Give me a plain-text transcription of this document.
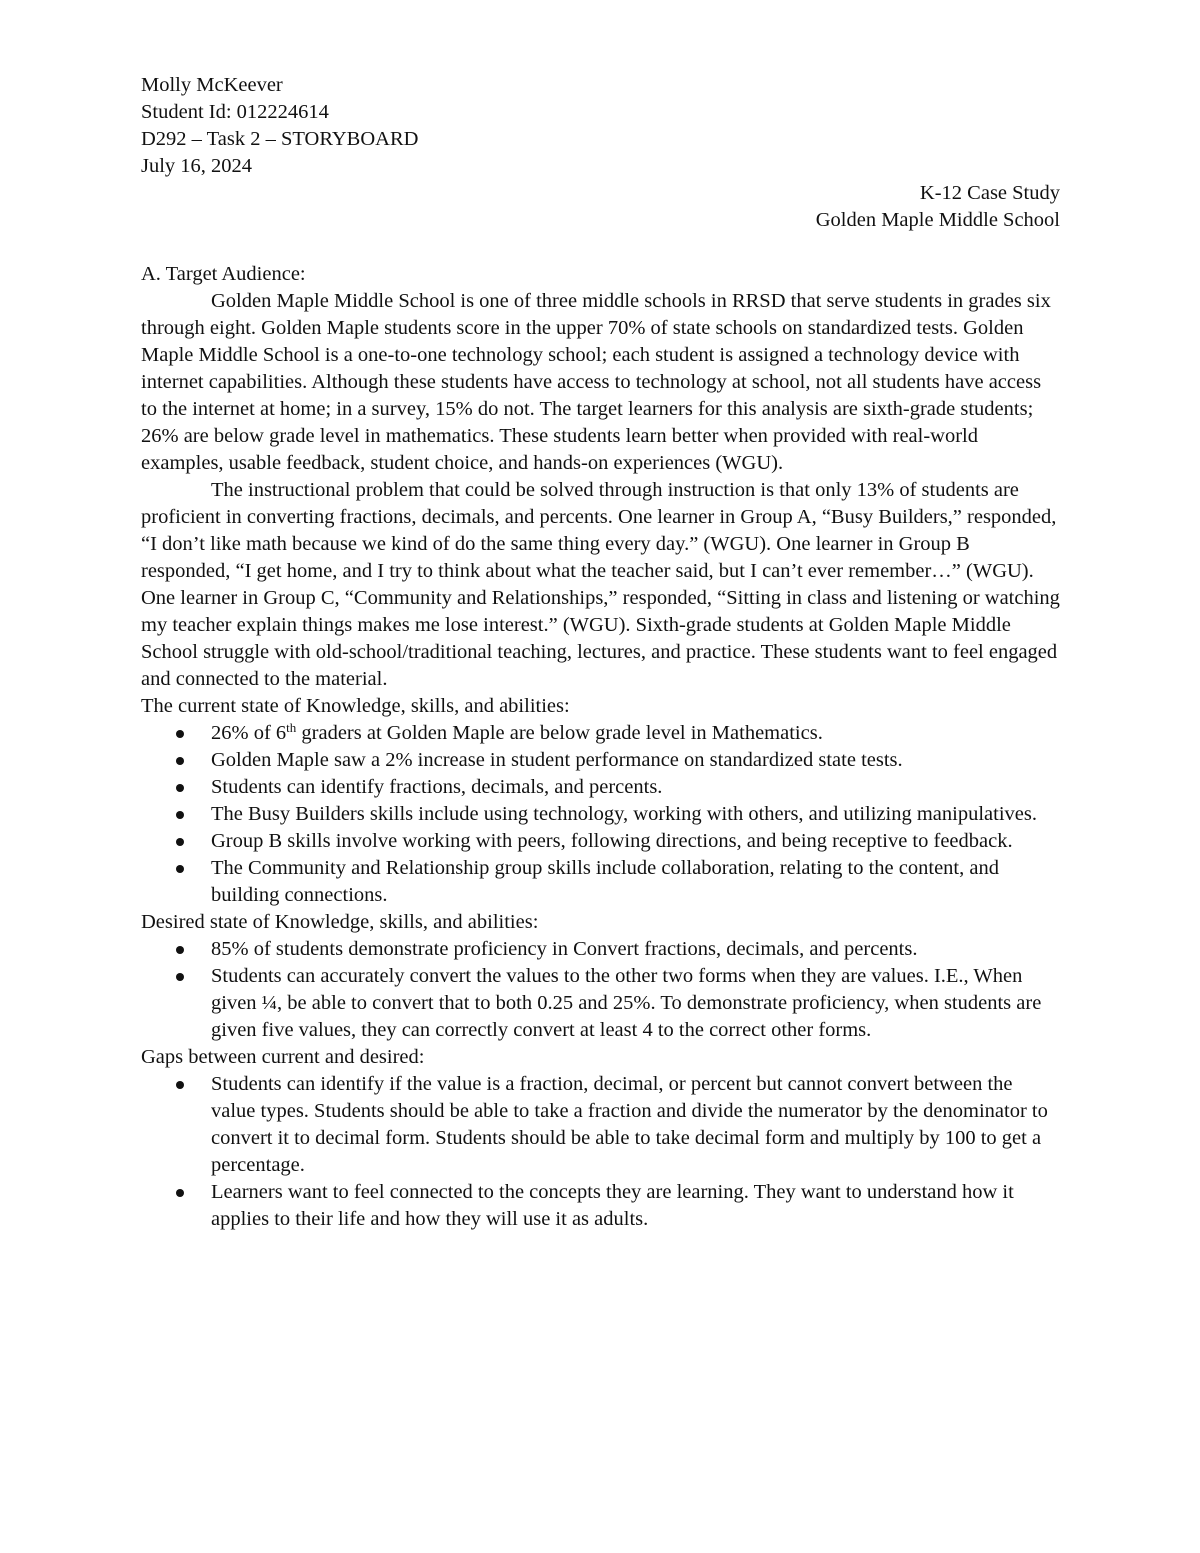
Molly McKeever

Student Id: 012224614

D292 – Task 2 – STORYBOARD

July 16, 2024

K-12 Case Study

Golden Maple Middle School

A. Target Audience:

Golden Maple Middle School is one of three middle schools in RRSD that serve students in grades six through eight. Golden Maple students score in the upper 70% of state schools on standardized tests. Golden Maple Middle School is a one-to-one technology school; each student is assigned a technology device with internet capabilities. Although these students have access to technology at school, not all students have access to the internet at home; in a survey, 15% do not. The target learners for this analysis are sixth-grade students; 26% are below grade level in mathematics. These students learn better when provided with real-world examples, usable feedback, student choice, and hands-on experiences (WGU).

The instructional problem that could be solved through instruction is that only 13% of students are proficient in converting fractions, decimals, and percents. One learner in Group A, “Busy Builders,” responded, “I don’t like math because we kind of do the same thing every day.” (WGU). One learner in Group B responded, “I get home, and I try to think about what the teacher said, but I can’t ever remember…” (WGU). One learner in Group C, “Community and Relationships,” responded, “Sitting in class and listening or watching my teacher explain things makes me lose interest.” (WGU). Sixth-grade students at Golden Maple Middle School struggle with old-school/traditional teaching, lectures, and practice. These students want to feel engaged and connected to the material.

The current state of Knowledge, skills, and abilities:

26% of 6th graders at Golden Maple are below grade level in Mathematics.
Golden Maple saw a 2% increase in student performance on standardized state tests.
Students can identify fractions, decimals, and percents.
The Busy Builders skills include using technology, working with others, and utilizing manipulatives.
Group B skills involve working with peers, following directions, and being receptive to feedback.
The Community and Relationship group skills include collaboration, relating to the content, and building connections.

Desired state of Knowledge, skills, and abilities:

85% of students demonstrate proficiency in Convert fractions, decimals, and percents.
Students can accurately convert the values to the other two forms when they are values. I.E., When given ¼, be able to convert that to both 0.25 and 25%. To demonstrate proficiency, when students are given five values, they can correctly convert at least 4 to the correct other forms.

Gaps between current and desired:

Students can identify if the value is a fraction, decimal, or percent but cannot convert between the value types. Students should be able to take a fraction and divide the numerator by the denominator to convert it to decimal form. Students should be able to take decimal form and multiply by 100 to get a percentage.
Learners want to feel connected to the concepts they are learning. They want to understand how it applies to their life and how they will use it as adults.
